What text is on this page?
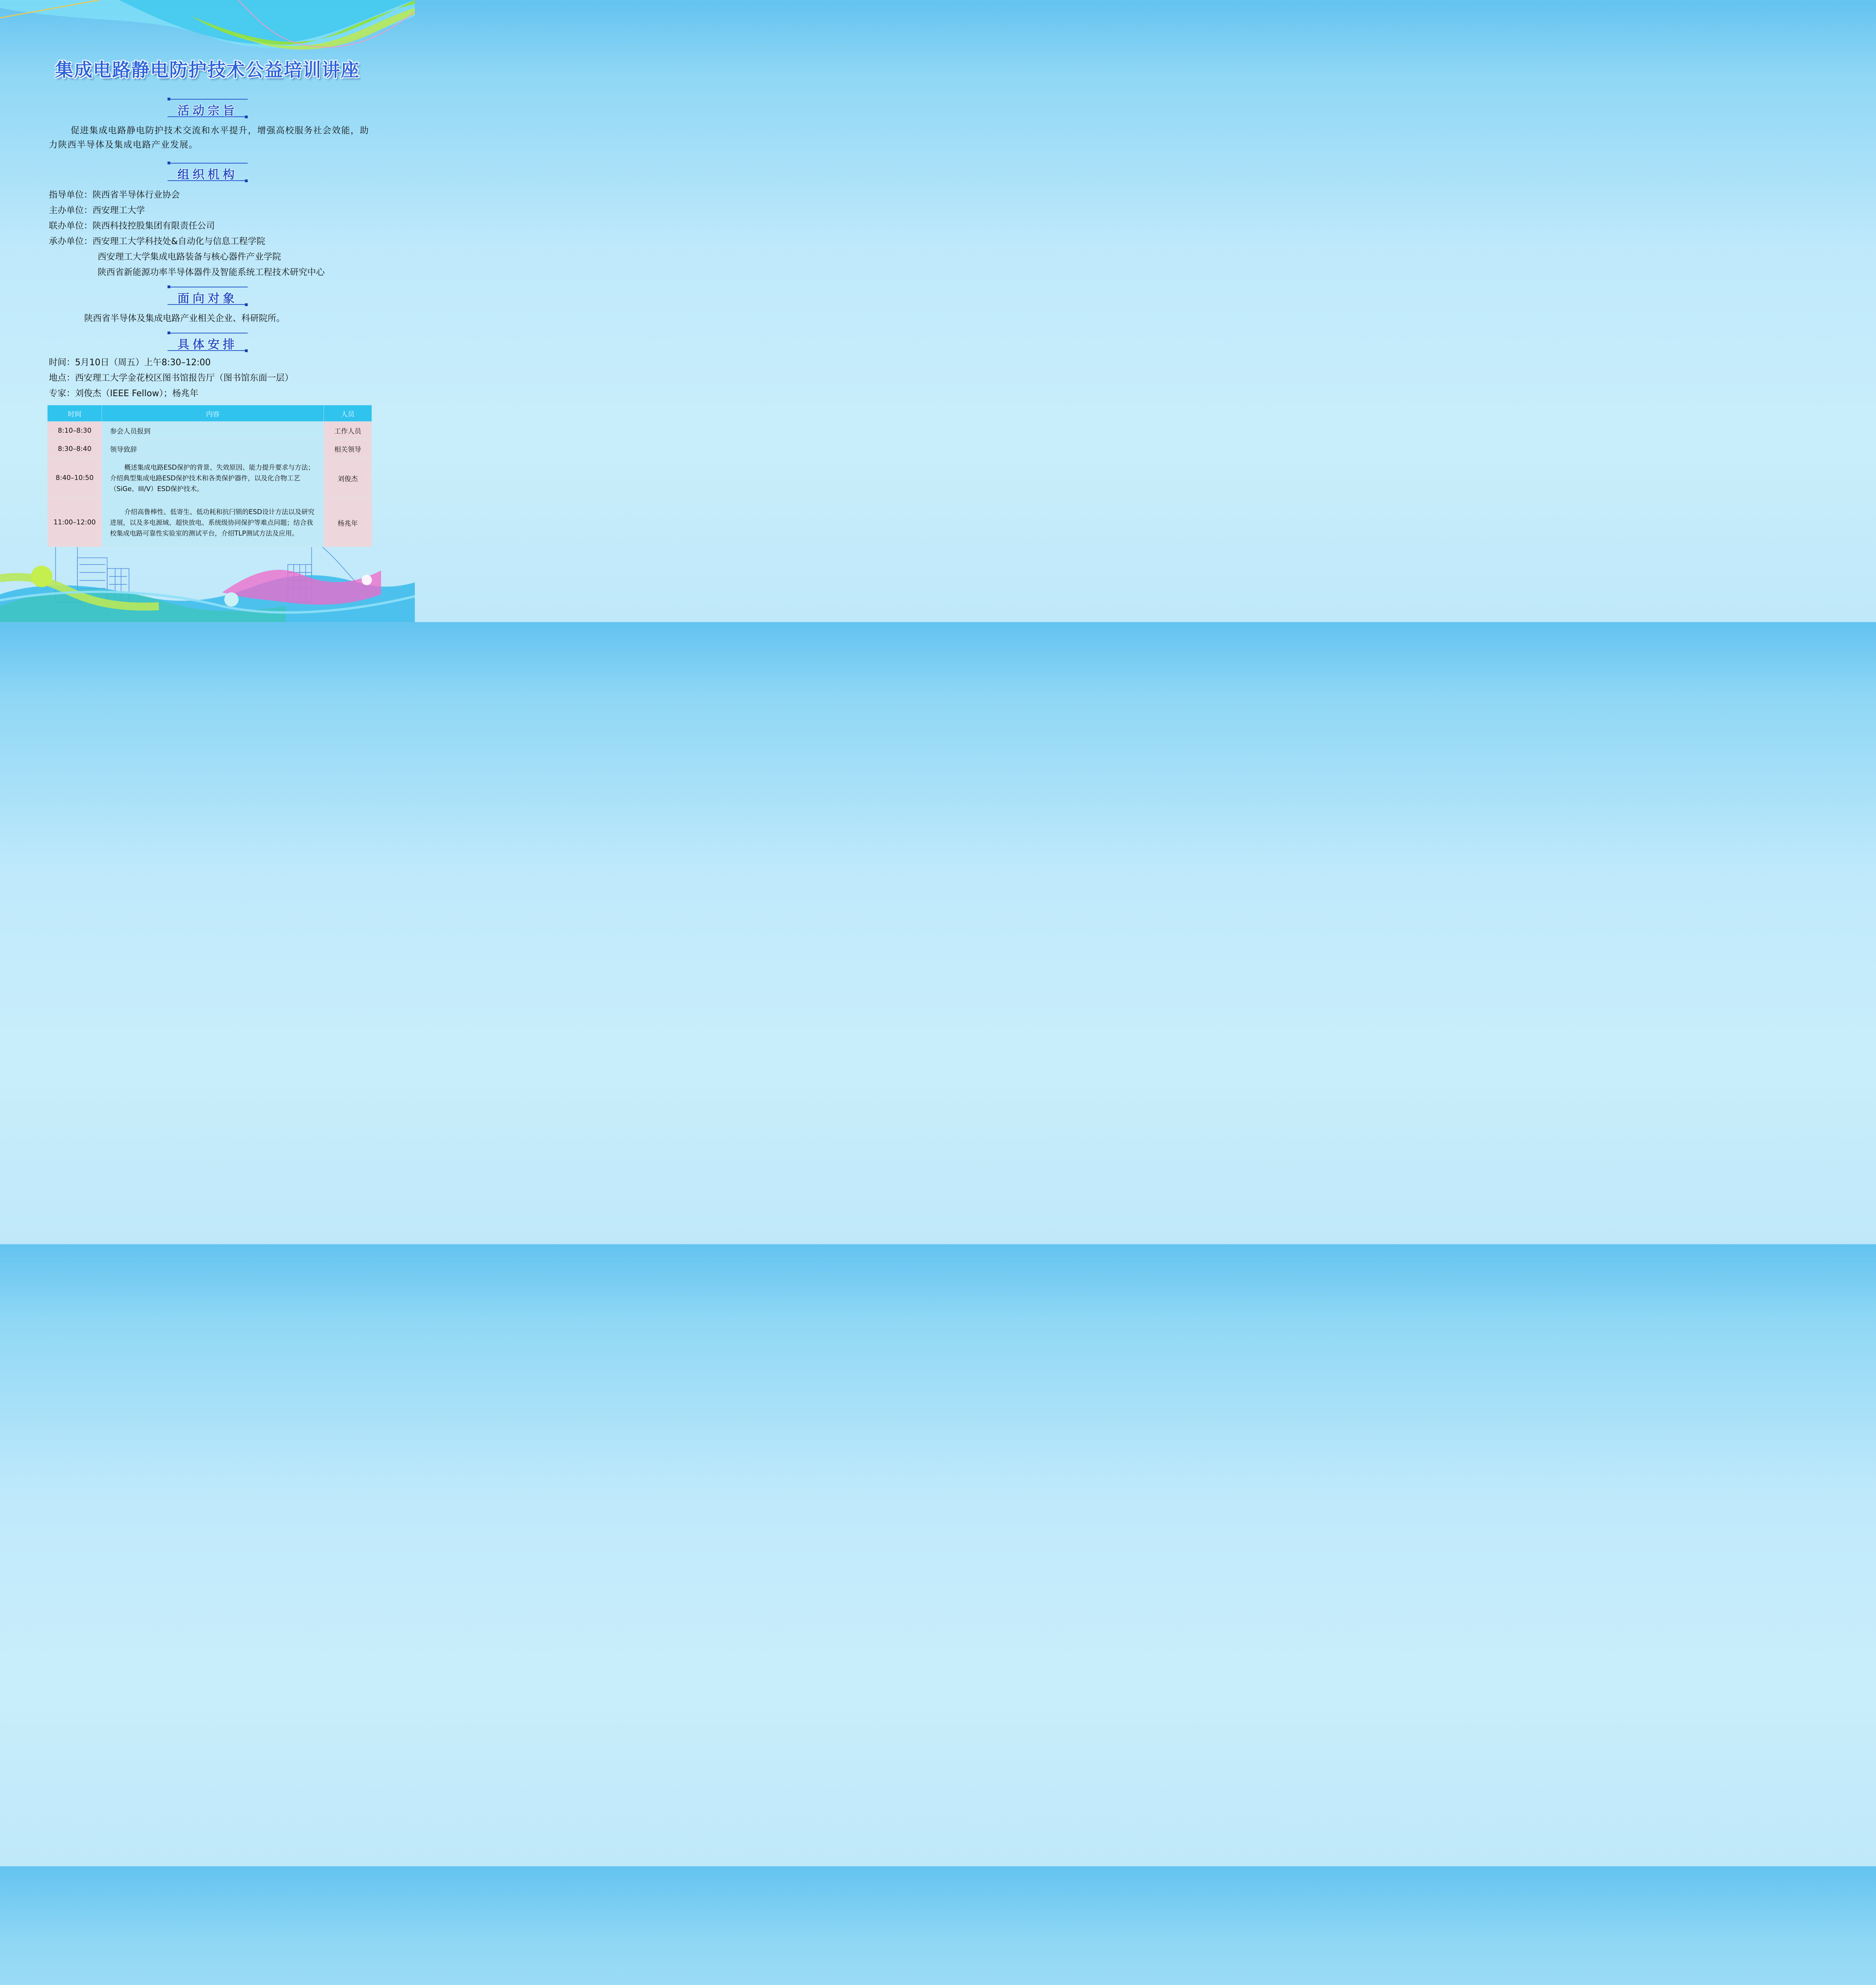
集成电路静电防护技术公益培训讲座
活动宗旨
促进集成电路静电防护技术交流和水平提升，增强高校服务社会效能，助力陕西半导体及集成电路产业发展。
组织机构
指导单位：陕西省半导体行业协会
主办单位：西安理工大学
联办单位：陕西科技控股集团有限责任公司
承办单位：西安理工大学科技处&自动化与信息工程学院
西安理工大学集成电路装备与核心器件产业学院
陕西省新能源功率半导体器件及智能系统工程技术研究中心
面向对象
陕西省半导体及集成电路产业相关企业、科研院所。
具体安排
时间：5月10日（周五）上午8:30–12:00
地点：西安理工大学金花校区图书馆报告厅（图书馆东面一层）
专家：刘俊杰（IEEE Fellow）；杨兆年
时间	内容	人员
8:10–8:30	参会人员报到	工作人员
8:30–8:40	领导致辞	相关领导
8:40–10:50	概述集成电路ESD保护的背景、失效原因、能力提升要求与方法；介绍典型集成电路ESD保护技术和各类保护器件，以及化合物工艺（SiGe、III/V）ESD保护技术。	刘俊杰
11:00–12:00	介绍高鲁棒性、低寄生、低功耗和抗闩锁的ESD设计方法以及研究进展，以及多电源域、超快放电、系统级协同保护等难点问题；结合我校集成电路可靠性实验室的测试平台，介绍TLP测试方法及应用。	杨兆年
